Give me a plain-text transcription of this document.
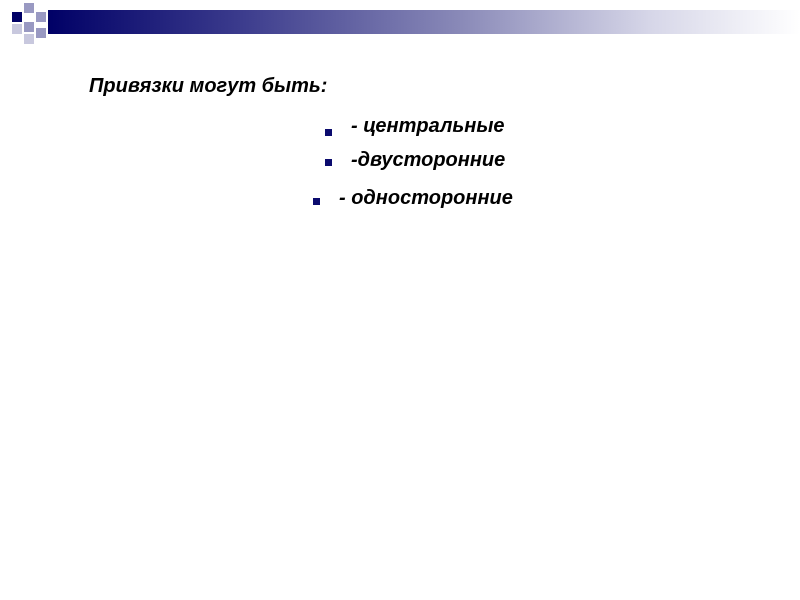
Привязки могут быть:
- центральные
-двусторонние
- односторонние
